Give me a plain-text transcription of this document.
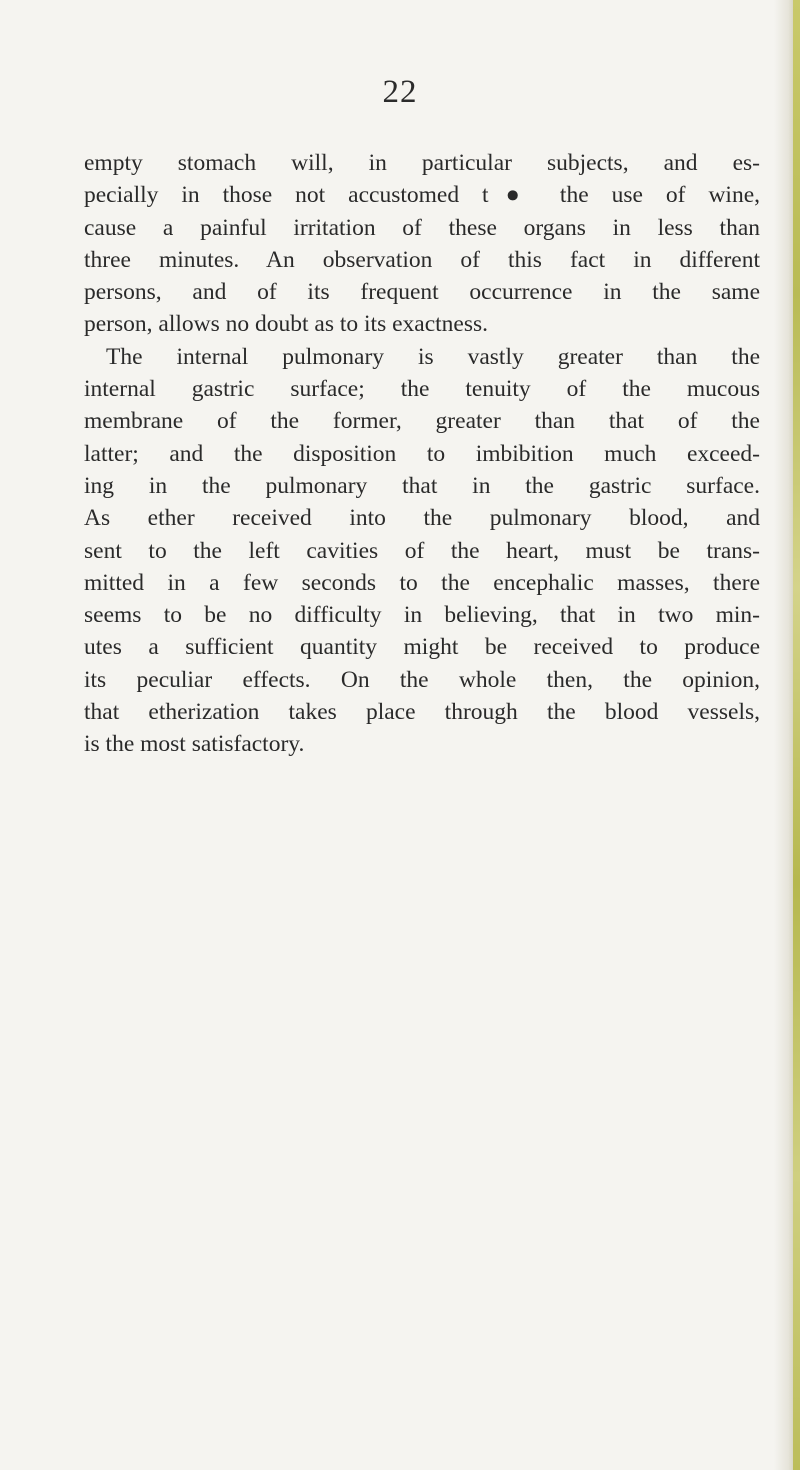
22
empty stomach will, in particular subjects, and es-
pecially in those not accustomed t● the use of wine,
cause a painful irritation of these organs in less than
three minutes. An observation of this fact in different
persons, and of its frequent occurrence in the same
person, allows no doubt as to its exactness.
The internal pulmonary is vastly greater than the
internal gastric surface; the tenuity of the mucous
membrane of the former, greater than that of the
latter; and the disposition to imbibition much exceed-
ing in the pulmonary that in the gastric surface.
As ether received into the pulmonary blood, and
sent to the left cavities of the heart, must be trans-
mitted in a few seconds to the encephalic masses, there
seems to be no difficulty in believing, that in two min-
utes a sufficient quantity might be received to produce
its peculiar effects. On the whole then, the opinion,
that etherization takes place through the blood vessels,
is the most satisfactory.
